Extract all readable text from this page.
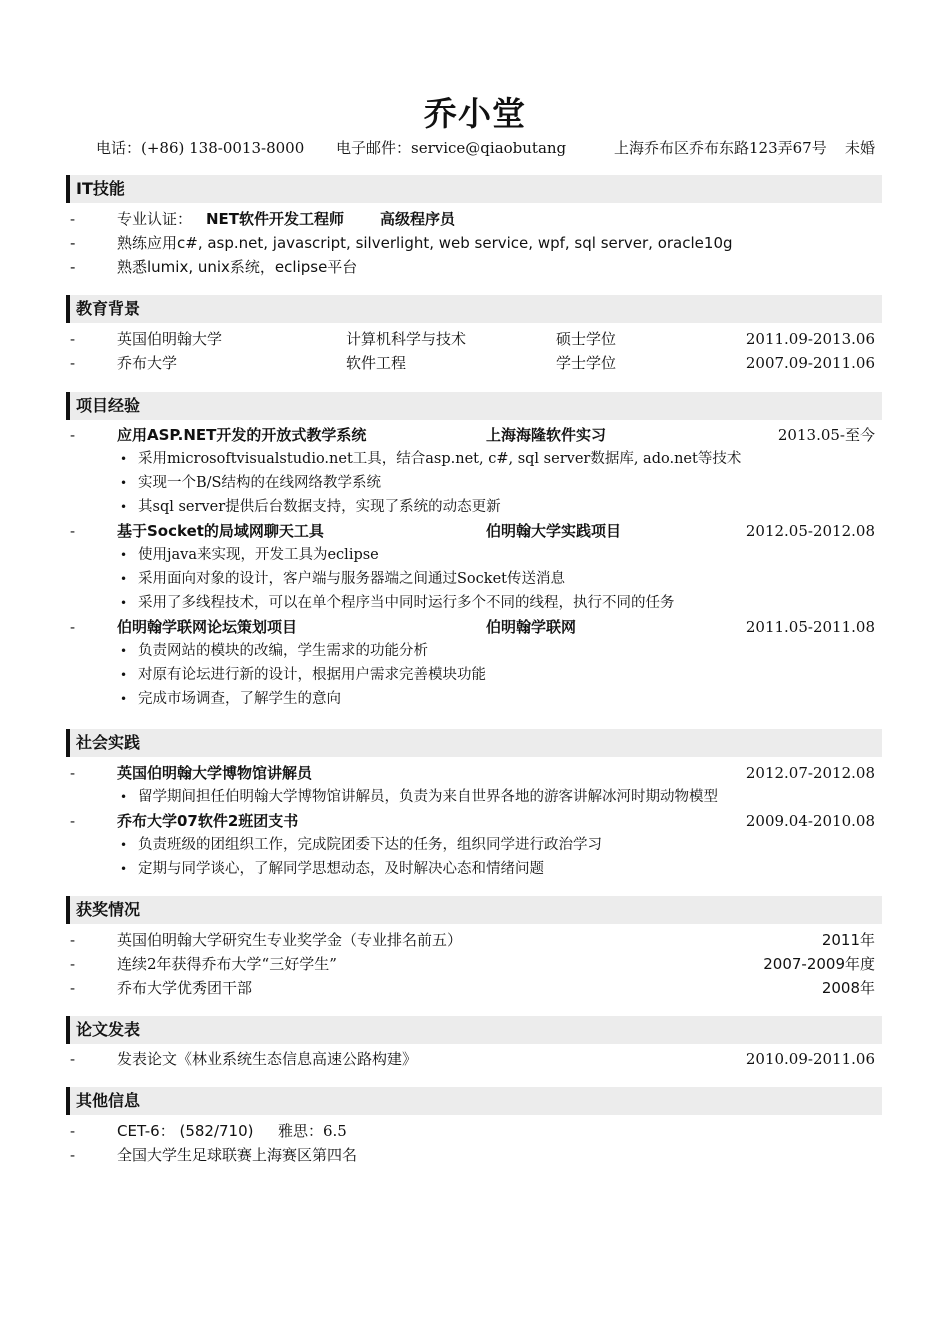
乔小堂
电话：(+86) 138-0013-8000 电子邮件：service@qiaobutang	上海乔布区乔布东路123弄67号 未婚
IT技能
-	专业认证： NET软件开发工程师 高级程序员
-	熟练应用c#, asp.net, javascript, silverlight, web service, wpf, sql server, oracle10g
-	熟悉lumix, unix系统，eclipse平台
教育背景
-	英国伯明翰大学	计算机科学与技术	硕士学位	2011.09-2013.06
-	乔布大学	软件工程	学士学位	2007.09-2011.06
项目经验
-	应用ASP.NET开发的开放式教学系统	上海海隆软件实习	2013.05-至今
• 采用microsoftvisualstudio.net工具，结合asp.net, c#, sql server数据库, ado.net等技术
• 实现一个B/S结构的在线网络教学系统
• 其sql server提供后台数据支持，实现了系统的动态更新
-	基于Socket的局域网聊天工具	伯明翰大学实践项目	2012.05-2012.08
• 使用java来实现，开发工具为eclipse
• 采用面向对象的设计，客户端与服务器端之间通过Socket传送消息
• 采用了多线程技术，可以在单个程序当中同时运行多个不同的线程，执行不同的任务
-	伯明翰学联网论坛策划项目	伯明翰学联网	2011.05-2011.08
• 负责网站的模块的改编，学生需求的功能分析
• 对原有论坛进行新的设计，根据用户需求完善模块功能
• 完成市场调查，了解学生的意向
社会实践
-	英国伯明翰大学博物馆讲解员	2012.07-2012.08
• 留学期间担任伯明翰大学博物馆讲解员，负责为来自世界各地的游客讲解冰河时期动物模型
-	乔布大学07软件2班团支书	2009.04-2010.08
• 负责班级的团组织工作，完成院团委下达的任务，组织同学进行政治学习
• 定期与同学谈心，了解同学思想动态，及时解决心态和情绪问题
获奖情况
-	英国伯明翰大学研究生专业奖学金（专业排名前五）	2011年
-	连续2年获得乔布大学“三好学生”	2007-2009年度
-	乔布大学优秀团干部	2008年
论文发表
-	发表论文《林业系统生态信息高速公路构建》	2010.09-2011.06
其他信息
-	CET-6： (582/710) 雅思：6.5
-	全国大学生足球联赛上海赛区第四名
